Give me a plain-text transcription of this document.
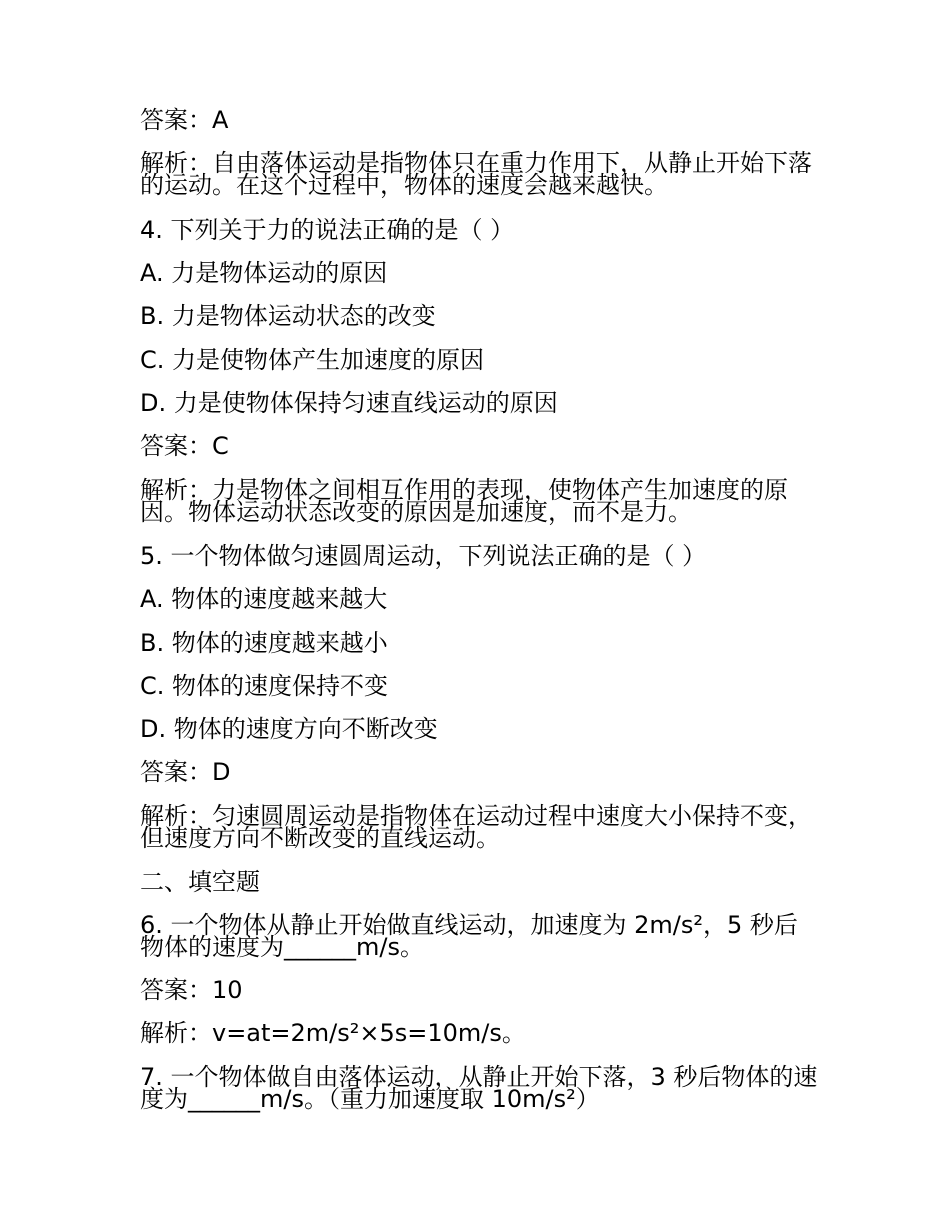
答案：A
解析：自由落体运动是指物体只在重力作用下，从静止开始下落的运动。在这个过程中，物体的速度会越来越快。
4. 下列关于力的说法正确的是（ ）
A. 力是物体运动的原因
B. 力是物体运动状态的改变
C. 力是使物体产生加速度的原因
D. 力是使物体保持匀速直线运动的原因
答案：C
解析：力是物体之间相互作用的表现，使物体产生加速度的原因。物体运动状态改变的原因是加速度，而不是力。
5. 一个物体做匀速圆周运动，下列说法正确的是（ ）
A. 物体的速度越来越大
B. 物体的速度越来越小
C. 物体的速度保持不变
D. 物体的速度方向不断改变
答案：D
解析：匀速圆周运动是指物体在运动过程中速度大小保持不变，但速度方向不断改变的直线运动。
二、填空题
6. 一个物体从静止开始做直线运动，加速度为 2m/s²，5 秒后物体的速度为______m/s。
答案：10
解析：v=at=2m/s²×5s=10m/s。
7. 一个物体做自由落体运动，从静止开始下落，3 秒后物体的速度为______m/s。（重力加速度取 10m/s²）
